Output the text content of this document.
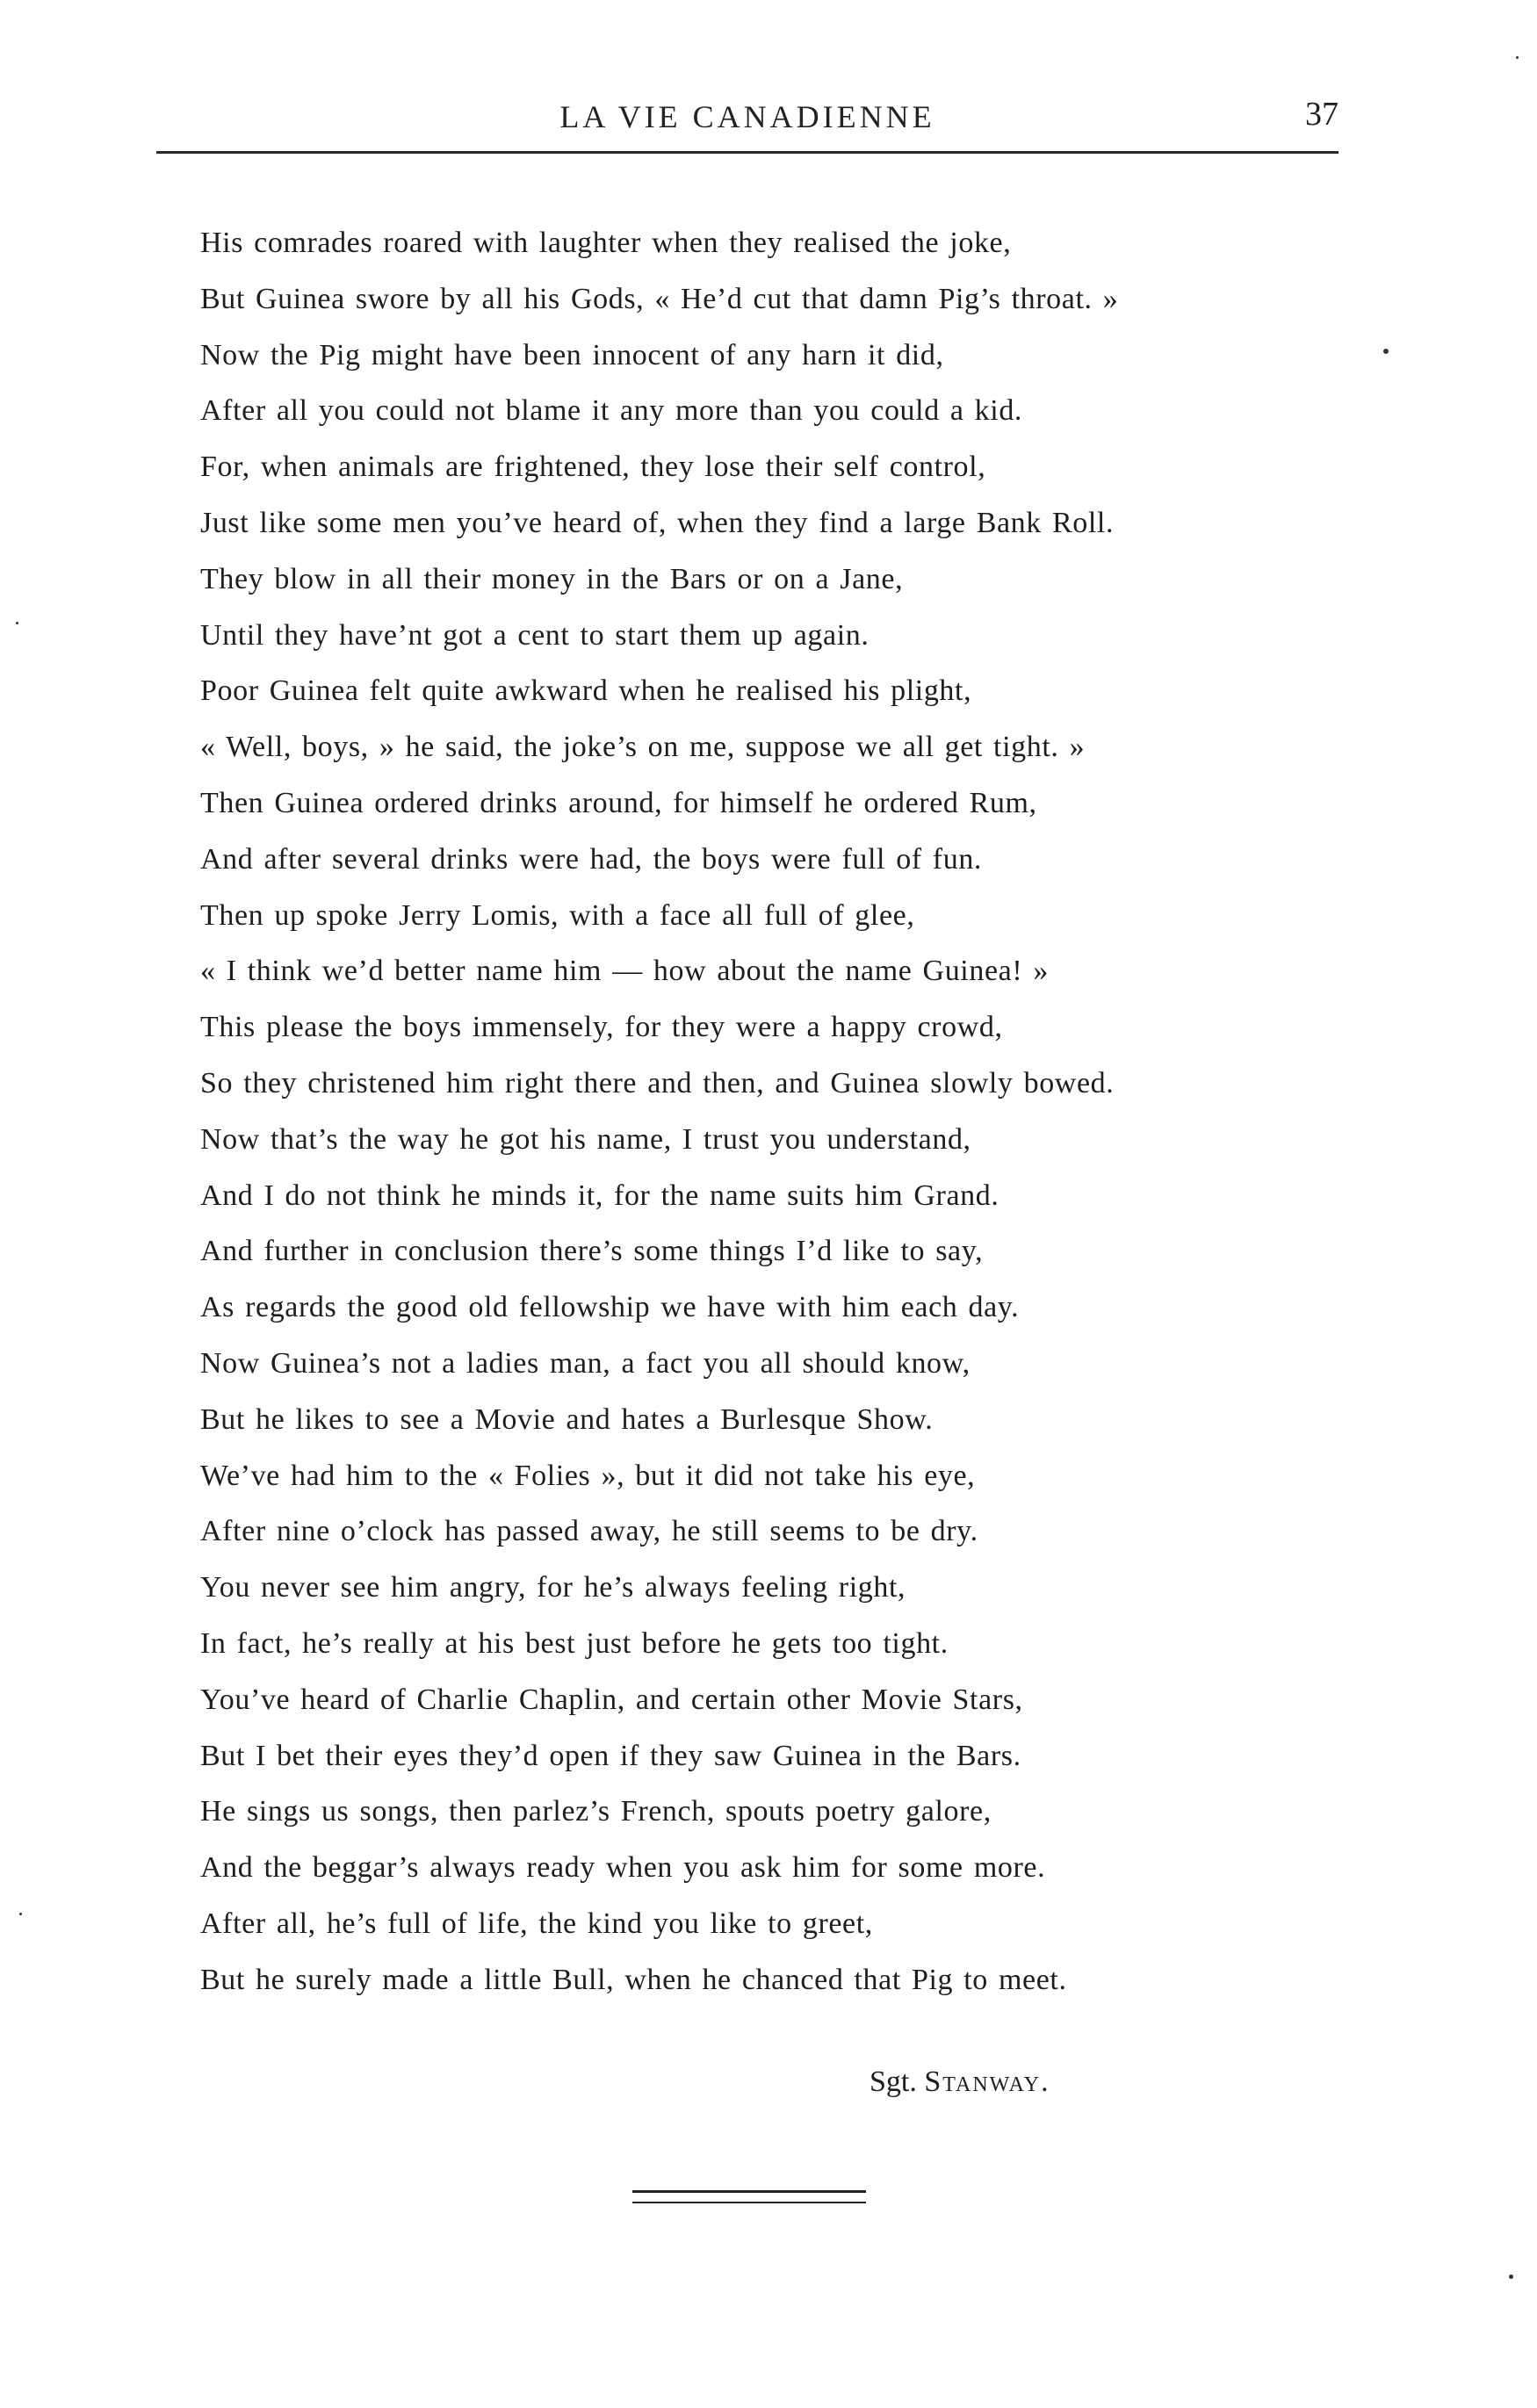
LA VIE CANADIENNE	37
His comrades roared with laughter when they realised the joke,
But Guinea swore by all his Gods, « He’d cut that damn Pig’s throat. »
Now the Pig might have been innocent of any harn it did,
After all you could not blame it any more than you could a kid.
For, when animals are frightened, they lose their self control,
Just like some men you’ve heard of, when they find a large Bank Roll.
They blow in all their money in the Bars or on a Jane,
Until they have’nt got a cent to start them up again.
Poor Guinea felt quite awkward when he realised his plight,
« Well, boys, » he said, the joke’s on me, suppose we all get tight. »
Then Guinea ordered drinks around, for himself he ordered Rum,
And after several drinks were had, the boys were full of fun.
Then up spoke Jerry Lomis, with a face all full of glee,
« I think we’d better name him — how about the name Guinea! »
This please the boys immensely, for they were a happy crowd,
So they christened him right there and then, and Guinea slowly bowed.
Now that’s the way he got his name, I trust you understand,
And I do not think he minds it, for the name suits him Grand.
And further in conclusion there’s some things I’d like to say,
As regards the good old fellowship we have with him each day.
Now Guinea’s not a ladies man, a fact you all should know,
But he likes to see a Movie and hates a Burlesque Show.
We’ve had him to the « Folies », but it did not take his eye,
After nine o’clock has passed away, he still seems to be dry.
You never see him angry, for he’s always feeling right,
In fact, he’s really at his best just before he gets too tight.
You’ve heard of Charlie Chaplin, and certain other Movie Stars,
But I bet their eyes they’d open if they saw Guinea in the Bars.
He sings us songs, then parlez’s French, spouts poetry galore,
And the beggar’s always ready when you ask him for some more.
After all, he’s full of life, the kind you like to greet,
But he surely made a little Bull, when he chanced that Pig to meet.
Sgt. Stanway.
